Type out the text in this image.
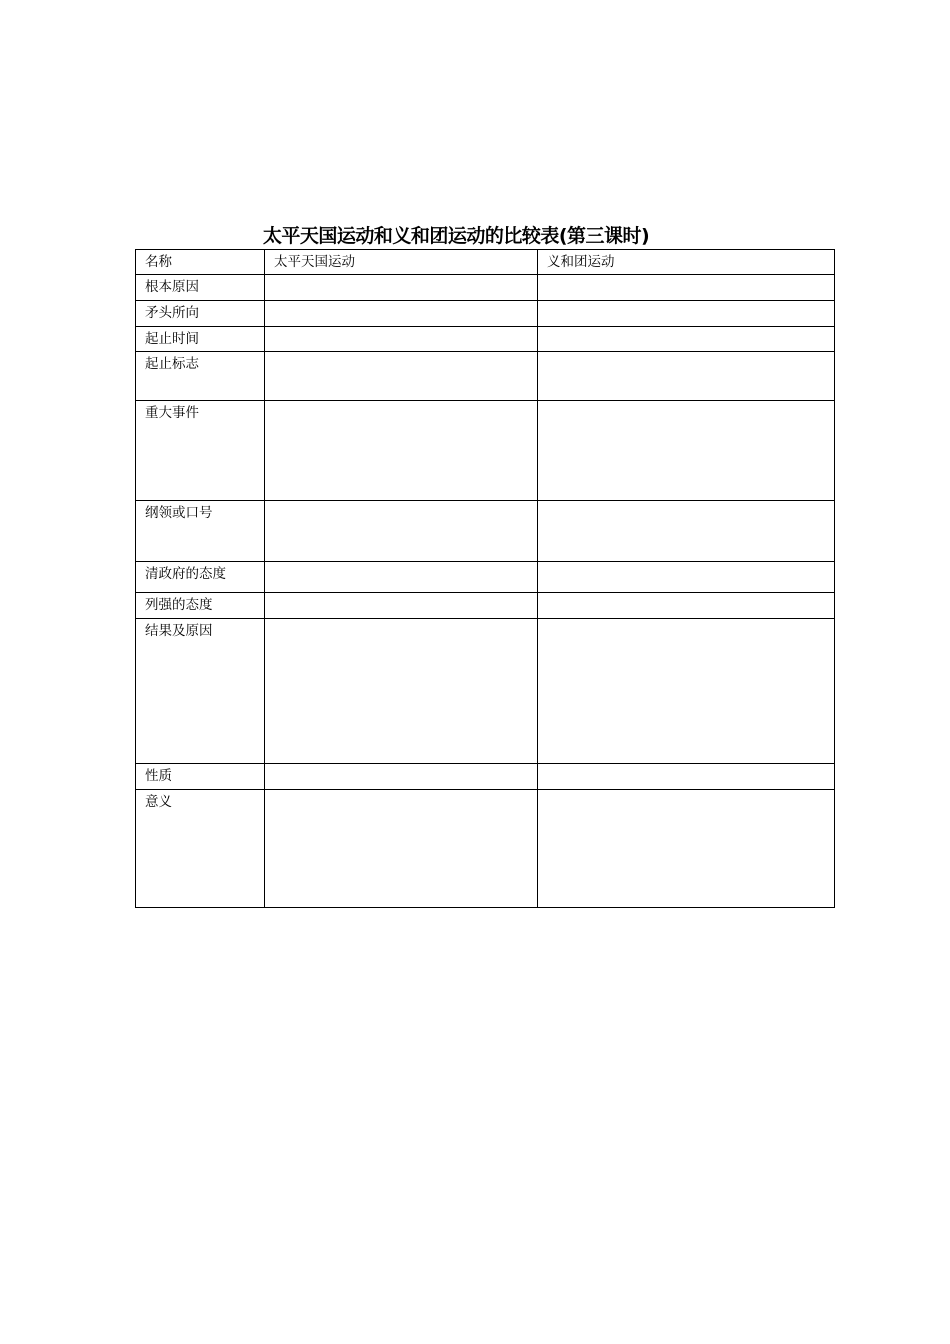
太平天国运动和义和团运动的比较表(第三课时)
名称	太平天国运动	义和团运动
根本原因		
矛头所向		
起止时间		
起止标志		
重大事件		
纲领或口号		
清政府的态度		
列强的态度		
结果及原因		
性质		
意义		
